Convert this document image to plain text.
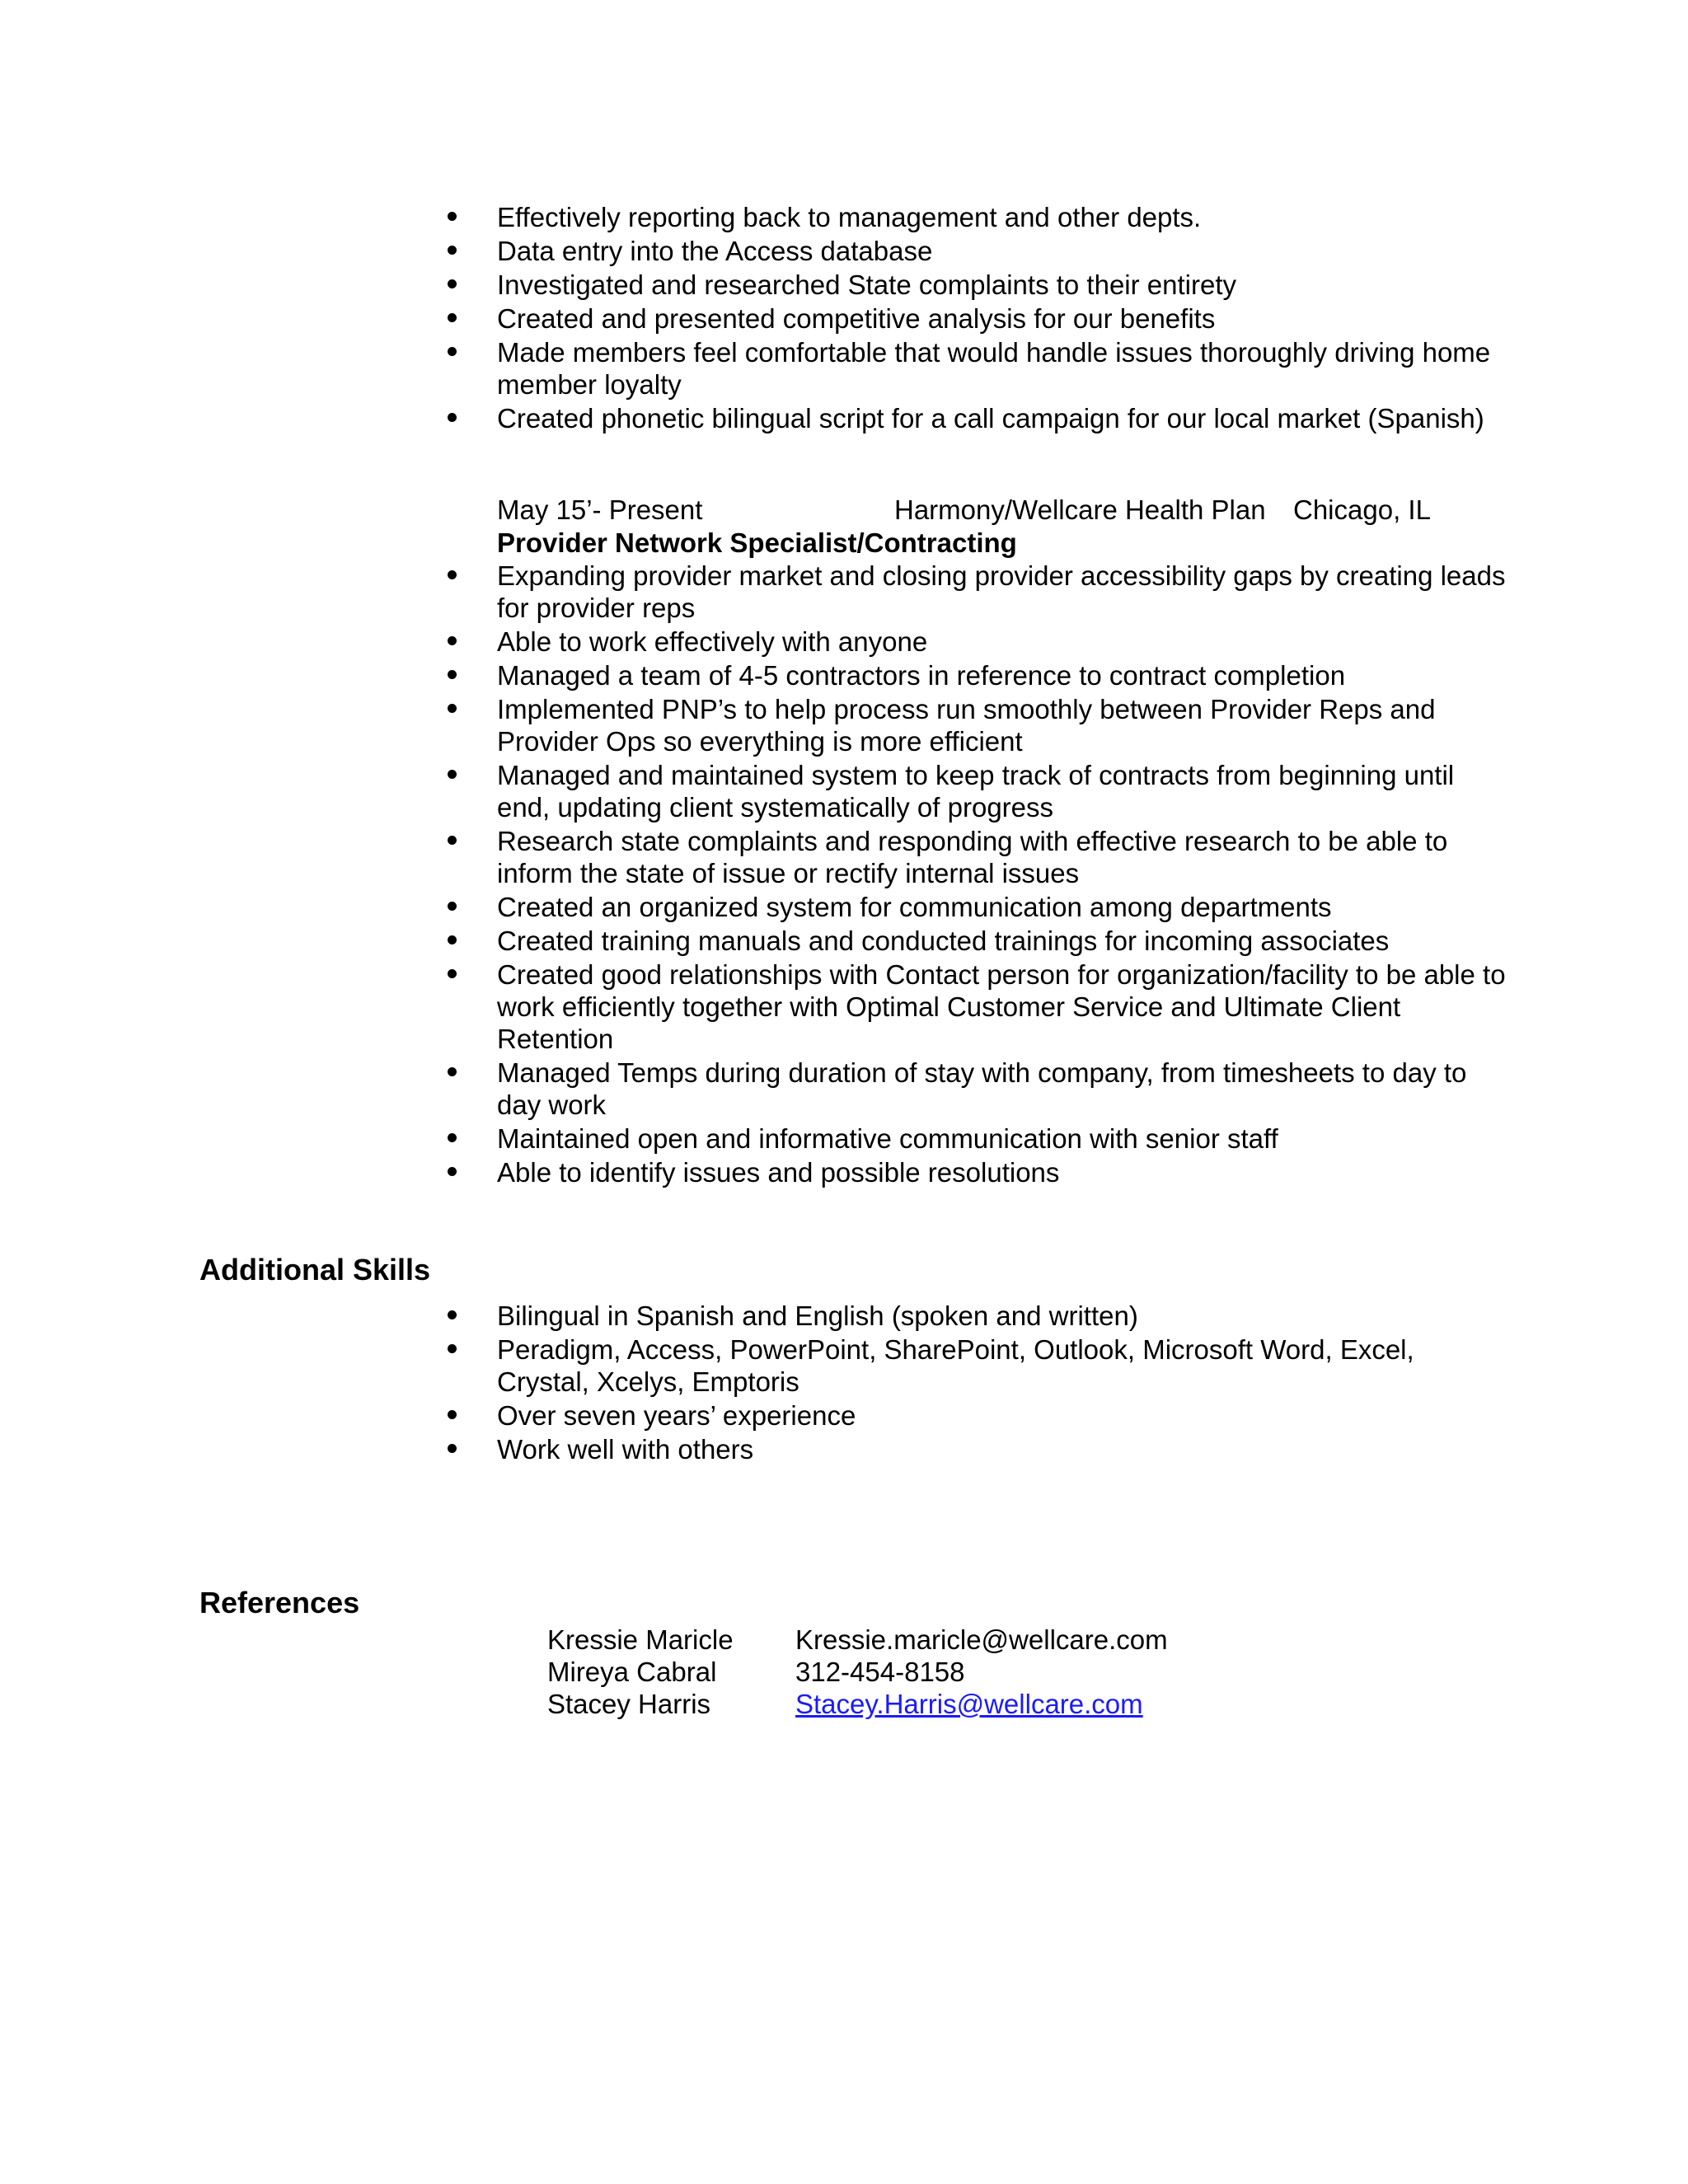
Effectively reporting back to management and other depts.
Data entry into the Access database
Investigated and researched State complaints to their entirety
Created and presented competitive analysis for our benefits
Made members feel comfortable that would handle issues thoroughly driving home member loyalty
Created phonetic bilingual script for a call campaign for our local market (Spanish)
May 15’- Present	Harmony/Wellcare Health Plan Chicago, IL
Provider Network Specialist/Contracting
Expanding provider market and closing provider accessibility gaps by creating leads for provider reps
Able to work effectively with anyone
Managed a team of 4-5 contractors in reference to contract completion
Implemented PNP’s to help process run smoothly between Provider Reps and Provider Ops so everything is more efficient
Managed and maintained system to keep track of contracts from beginning until end, updating client systematically of progress
Research state complaints and responding with effective research to be able to inform the state of issue or rectify internal issues
Created an organized system for communication among departments
Created training manuals and conducted trainings for incoming associates
Created good relationships with Contact person for organization/facility to be able to work efficiently together with Optimal Customer Service and Ultimate Client Retention
Managed Temps during duration of stay with company, from timesheets to day to day work
Maintained open and informative communication with senior staff
Able to identify issues and possible resolutions
Additional Skills
Bilingual in Spanish and English (spoken and written)
Peradigm, Access, PowerPoint, SharePoint, Outlook, Microsoft Word, Excel, Crystal, Xcelys, Emptoris
Over seven years’ experience
Work well with others
References
Kressie Maricle Kressie.maricle@wellcare.com
Mireya Cabral	312-454-8158
Stacey Harris	Stacey.Harris@wellcare.com
